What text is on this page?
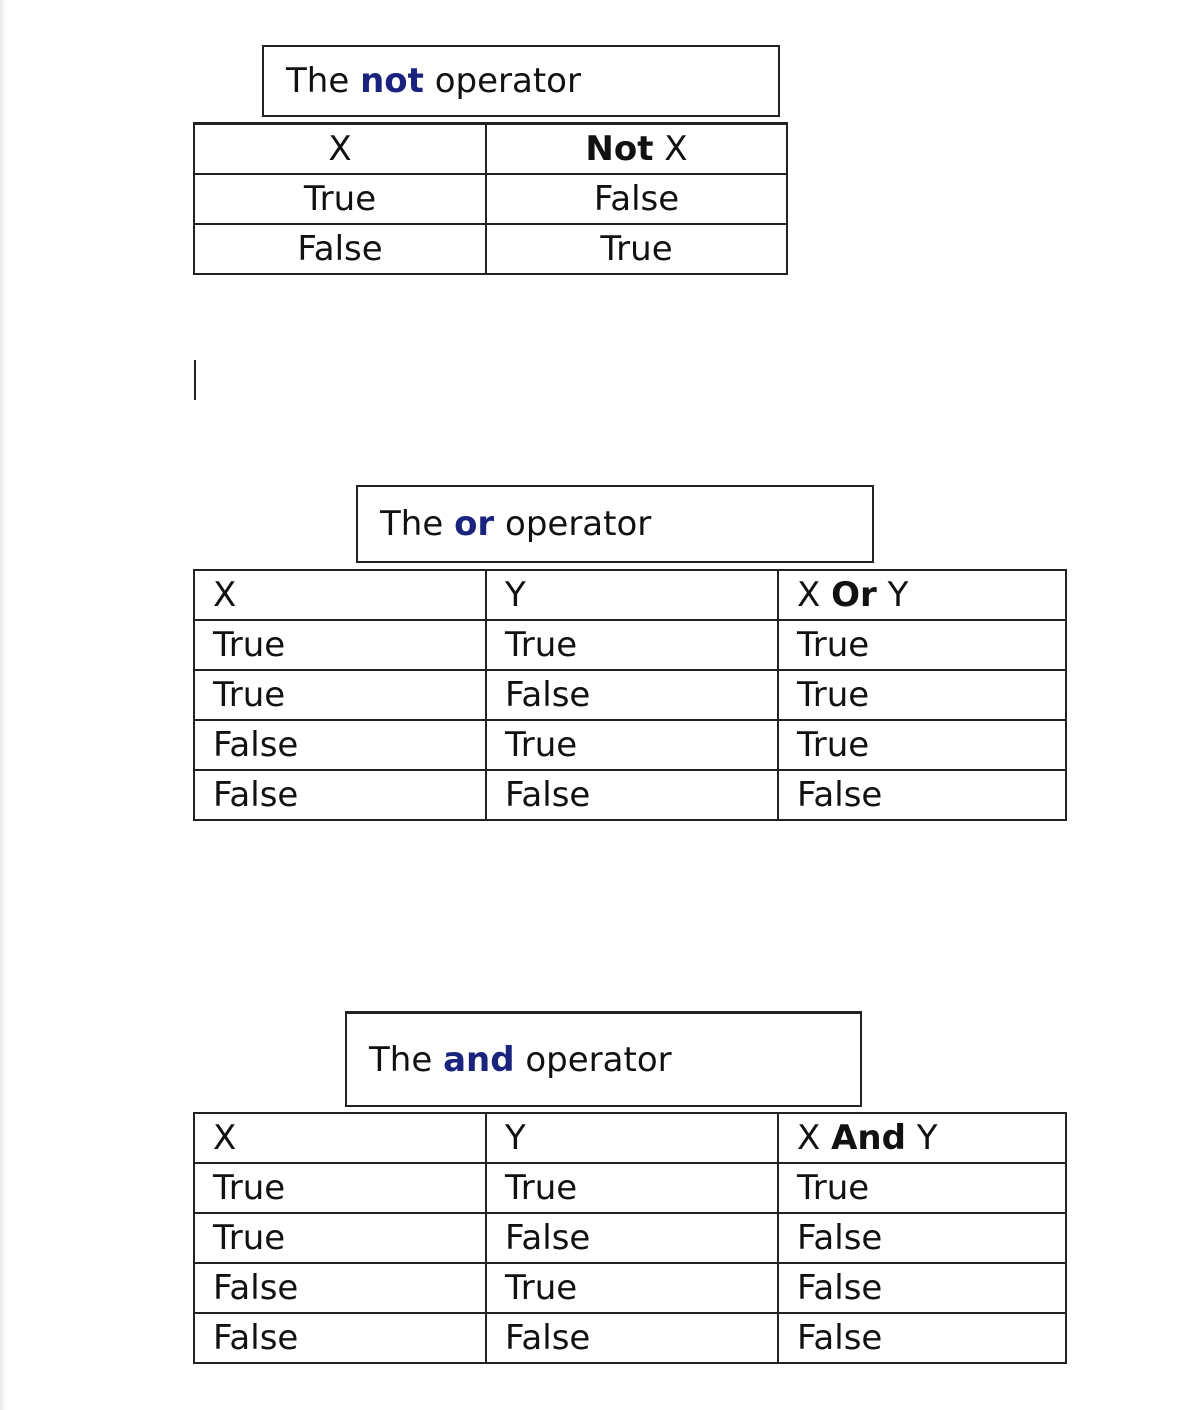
The
not
operator
X	Not X
True	False
False	True
The
or
operator
X	Y	X Or Y
True	True	True
True	False	True
False	True	True
False	False	False
The
and
operator
X	Y	X And Y
True	True	True
True	False	False
False	True	False
False	False	False
